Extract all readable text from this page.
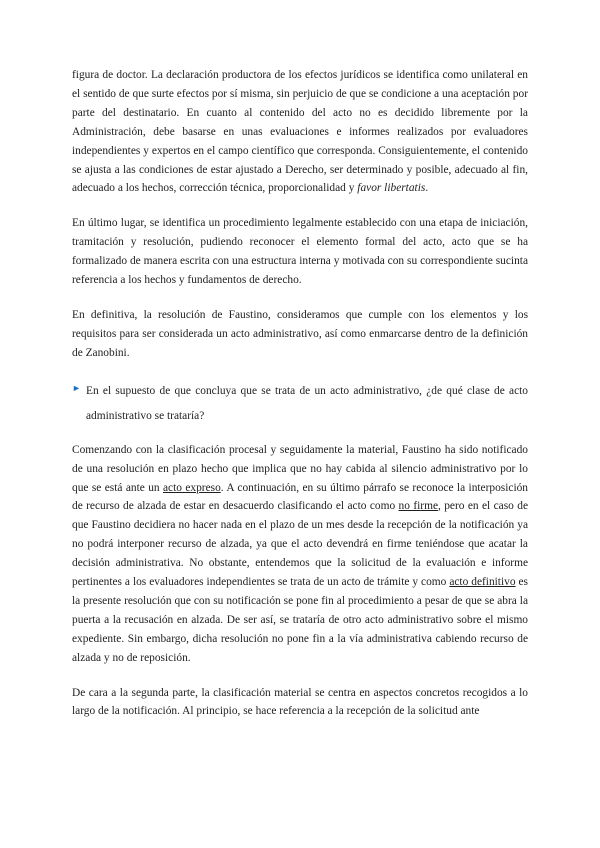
figura de doctor. La declaración productora de los efectos jurídicos se identifica como unilateral en el sentido de que surte efectos por sí misma, sin perjuicio de que se condicione a una aceptación por parte del destinatario. En cuanto al contenido del acto no es decidido libremente por la Administración, debe basarse en unas evaluaciones e informes realizados por evaluadores independientes y expertos en el campo científico que corresponda. Consiguientemente, el contenido se ajusta a las condiciones de estar ajustado a Derecho, ser determinado y posible, adecuado al fin, adecuado a los hechos, corrección técnica, proporcionalidad y favor libertatis.

En último lugar, se identifica un procedimiento legalmente establecido con una etapa de iniciación, tramitación y resolución, pudiendo reconocer el elemento formal del acto, acto que se ha formalizado de manera escrita con una estructura interna y motivada con su correspondiente sucinta referencia a los hechos y fundamentos de derecho.

En definitiva, la resolución de Faustino, consideramos que cumple con los elementos y los requisitos para ser considerada un acto administrativo, así como enmarcarse dentro de la definición de Zanobini.

► En el supuesto de que concluya que se trata de un acto administrativo, ¿de qué clase de acto administrativo se trataría?

Comenzando con la clasificación procesal y seguidamente la material, Faustino ha sido notificado de una resolución en plazo hecho que implica que no hay cabida al silencio administrativo por lo que se está ante un acto expreso. A continuación, en su último párrafo se reconoce la interposición de recurso de alzada de estar en desacuerdo clasificando el acto como no firme, pero en el caso de que Faustino decidiera no hacer nada en el plazo de un mes desde la recepción de la notificación ya no podrá interponer recurso de alzada, ya que el acto devendrá en firme teniéndose que acatar la decisión administrativa. No obstante, entendemos que la solicitud de la evaluación e informe pertinentes a los evaluadores independientes se trata de un acto de trámite y como acto definitivo es la presente resolución que con su notificación se pone fin al procedimiento a pesar de que se abra la puerta a la recusación en alzada. De ser así, se trataría de otro acto administrativo sobre el mismo expediente. Sin embargo, dicha resolución no pone fin a la vía administrativa cabiendo recurso de alzada y no de reposición.

De cara a la segunda parte, la clasificación material se centra en aspectos concretos recogidos a lo largo de la notificación. Al principio, se hace referencia a la recepción de la solicitud ante
